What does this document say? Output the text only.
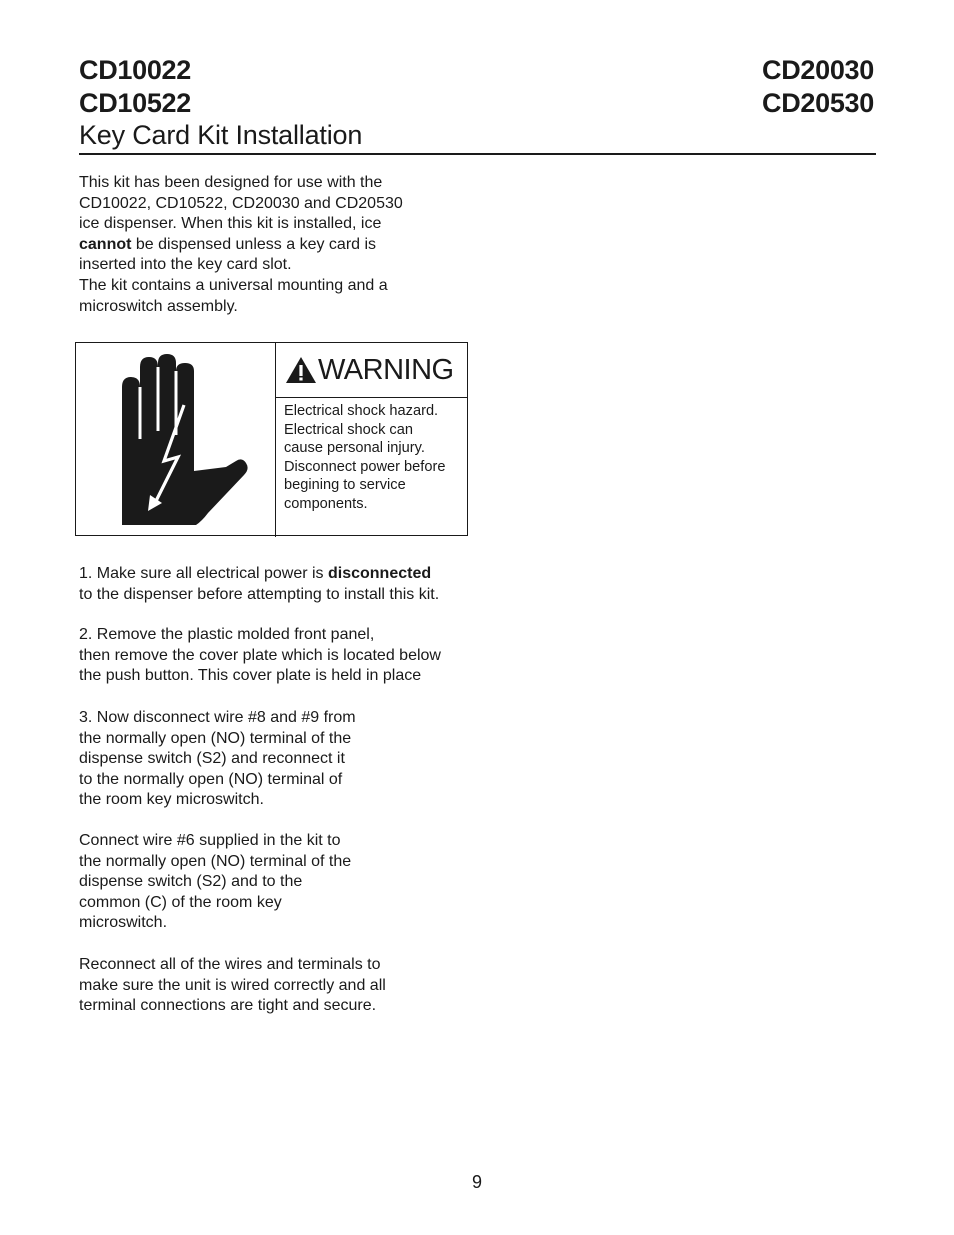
CD10022
CD10522
CD20030
CD20530
Key Card Kit Installation

This kit has been designed for use with the
CD10022, CD10522, CD20030 and CD20530
ice dispenser. When this kit is installed, ice
cannot be dispensed unless a key card is
inserted into the key card slot.
The kit contains a universal mounting and a
microswitch assembly.

WARNING
Electrical shock hazard.
Electrical shock can
cause personal injury.
Disconnect power before
begining to service
components.

1. Make sure all electrical power is disconnected
to the dispenser before attempting to install this kit.

2. Remove the plastic molded front panel,
then remove the cover plate which is located below
the push button. This cover plate is held in place

3. Now disconnect wire #8 and #9 from
the normally open (NO) terminal of the
dispense switch (S2) and reconnect it
to the normally open (NO) terminal of
the room key microswitch.

Connect wire #6 supplied in the kit to
the normally open (NO) terminal of the
dispense switch (S2) and to the
common (C) of the room key
microswitch.

Reconnect all of the wires and terminals to
make sure the unit is wired correctly and all
terminal connections are tight and secure.

9
